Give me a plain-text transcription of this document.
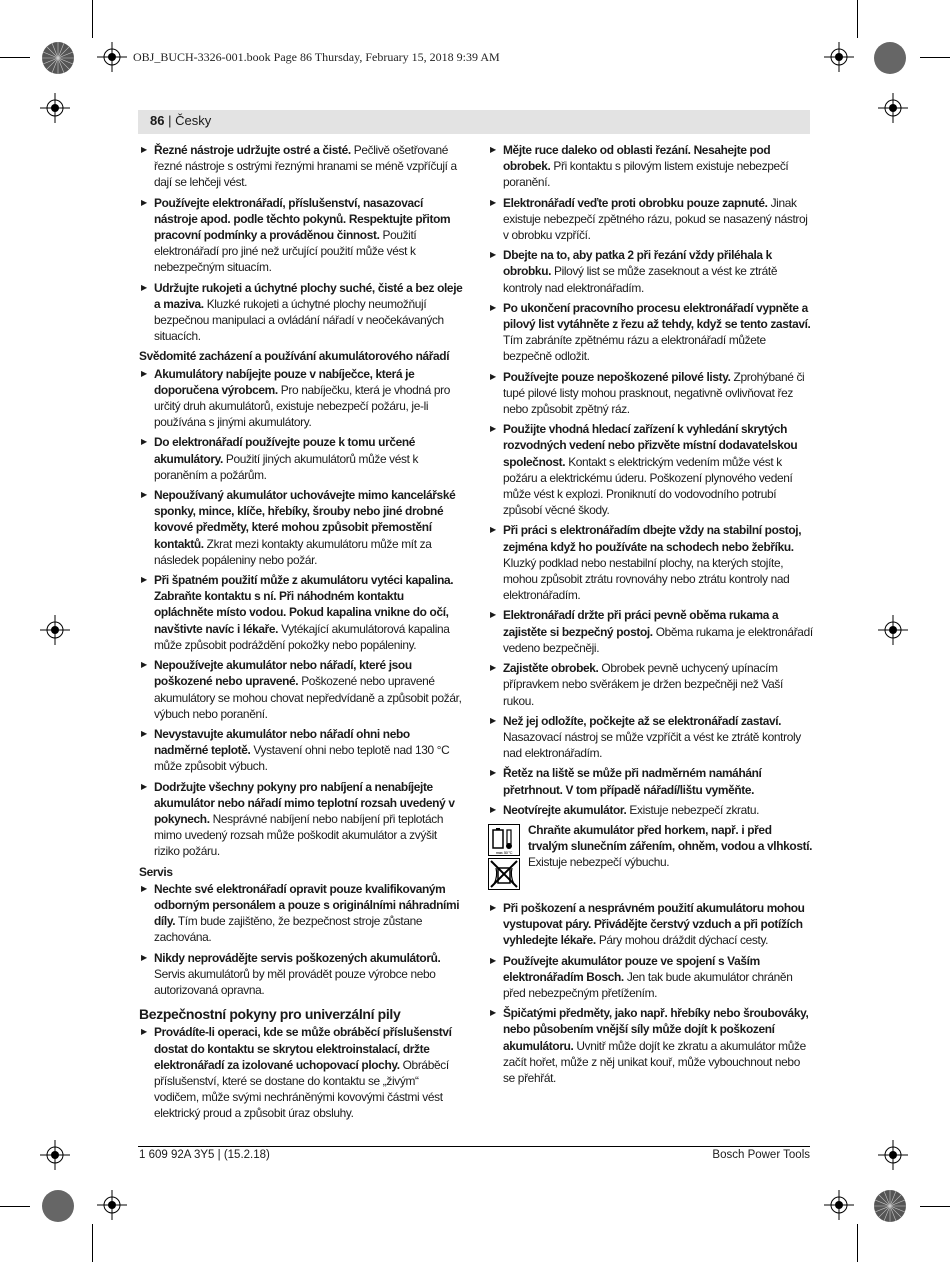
OBJ_BUCH-3326-001.book Page 86 Thursday, February 15, 2018 9:39 AM
86 | Česky
▶ Řezné nástroje udržujte ostré a čisté. Pečlivě ošetřované řezné nástroje s ostrými řeznými hranami se méně vzpříčují a dají se lehčeji vést.
▶ Používejte elektronářadí, příslušenství, nasazovací nástroje apod. podle těchto pokynů. Respektujte přitom pracovní podmínky a prováděnou činnost. Použití elektronářadí pro jiné než určující použití může vést k nebezpečným situacím.
▶ Udržujte rukojeti a úchytné plochy suché, čisté a bez oleje a maziva. Kluzké rukojeti a úchytné plochy neumožňují bezpečnou manipulaci a ovládání nářadí v neočekávaných situacích.
Svědomité zacházení a používání akumulátorového nářadí
▶ Akumulátory nabíjejte pouze v nabíječce, která je doporučena výrobcem. Pro nabíječku, která je vhodná pro určitý druh akumulátorů, existuje nebezpečí požáru, je-li používána s jinými akumulátory.
▶ Do elektronářadí používejte pouze k tomu určené akumulátory. Použití jiných akumulátorů může vést k poranĕním a požárům.
▶ Nepoužívaný akumulátor uchovávejte mimo kancelářské sponky, mince, klíče, hřebíky, šrouby nebo jiné drobné kovové předměty, které mohou způsobit přemostění kontaktů. Zkrat mezi kontakty akumulátoru může mít za následek popáleniny nebo požár.
▶ Při špatném použití může z akumulátoru vytéci kapalina. Zabraňte kontaktu s ní. Při náhodném kontaktu opláchněte místo vodou. Pokud kapalina vnikne do očí, navštivte navíc i lékaře. Vytékající akumulátorová kapalina může způsobit podráždění pokožky nebo popáleniny.
▶ Nepoužívejte akumulátor nebo nářadí, které jsou poškozené nebo upravené. Poškozené nebo upravené akumulátory se mohou chovat nepředvídaně a způsobit požár, výbuch nebo poranění.
▶ Nevystavujte akumulátor nebo nářadí ohni nebo nadměrné teplotě. Vystavení ohni nebo teplotě nad 130 °C může způsobit výbuch.
▶ Dodržujte všechny pokyny pro nabíjení a nenabíjejte akumulátor nebo nářadí mimo teplotní rozsah uvedený v pokynech. Nesprávné nabíjení nebo nabíjení při teplotách mimo uvedený rozsah může poškodit akumulátor a zvýšit riziko požáru.
Servis
▶ Nechte své elektronářadí opravit pouze kvalifikovaným odborným personálem a pouze s originálními náhradními díly. Tím bude zajištěno, že bezpečnost stroje zůstane zachována.
▶ Nikdy neprovádějte servis poškozených akumulátorů. Servis akumulátorů by měl provádět pouze výrobce nebo autorizovaná opravna.
Bezpečnostní pokyny pro univerzální pily
▶ Provádíte-li operaci, kde se může obráběcí příslušenství dostat do kontaktu se skrytou elektroinstalací, držte elektronářadí za izolované uchopovací plochy. Obráběcí příslušenství, které se dostane do kontaktu se „živým“ vodičem, může svými nechráněnými kovovými částmi vést elektrický proud a způsobit úraz obsluhy.
▶ Mějte ruce daleko od oblasti řezání. Nesahejte pod obrobek. Při kontaktu s pilovým listem existuje nebezpečí poranění.
▶ Elektronářadí veďte proti obrobku pouze zapnuté. Jinak existuje nebezpečí zpětného rázu, pokud se nasazený nástroj v obrobku vzpříčí.
▶ Dbejte na to, aby patka 2 při řezání vždy přiléhala k obrobku. Pilový list se může zaseknout a vést ke ztrátě kontroly nad elektronářadím.
▶ Po ukončení pracovního procesu elektronářadí vypněte a pilový list vytáhněte z řezu až tehdy, když se tento zastaví. Tím zabráníte zpětnému rázu a elektronářadí můžete bezpečně odložit.
▶ Používejte pouze nepoškozené pilové listy. Zprohýbané či tupé pilové listy mohou prasknout, negativně ovlivňovat řez nebo způsobit zpětný ráz.
▶ Použijte vhodná hledací zařízení k vyhledání skrytých rozvodných vedení nebo přizvěte místní dodavatelskou společnost. Kontakt s elektrickým vedením může vést k požáru a elektrickému úderu. Poškození plynového vedení může vést k explozi. Proniknutí do vodovodního potrubí způsobí věcné škody.
▶ Při práci s elektronářadím dbejte vždy na stabilní postoj, zejména když ho používáte na schodech nebo žebříku. Kluzký podklad nebo nestabilní plochy, na kterých stojíte, mohou způsobit ztrátu rovnováhy nebo ztrátu kontroly nad elektronářadím.
▶ Elektronářadí držte při práci pevně oběma rukama a zajistěte si bezpečný postoj. Oběma rukama je elektronářadí vedeno bezpečněji.
▶ Zajistěte obrobek. Obrobek pevně uchycený upínacím přípravkem nebo svěrákem je držen bezpečněji než Vaší rukou.
▶ Než jej odložíte, počkejte až se elektronářadí zastaví. Nasazovací nástroj se může vzpříčit a vést ke ztrátě kontroly nad elektronářadím.
▶ Řetěz na liště se může při nadměrném namáhání přetrhnout. V tom případě nářadí/lištu vyměňte.
▶ Neotvírejte akumulátor. Existuje nebezpečí zkratu.
max. 50 °C
Chraňte akumulátor před horkem, např. i před trvalým slunečním zářením, ohněm, vodou a vlhkostí. Existuje nebezpečí výbuchu.
▶ Při poškození a nesprávném použití akumulátoru mohou vystupovat páry. Přivádějte čerstvý vzduch a při potížích vyhledejte lékaře. Páry mohou dráždit dýchací cesty.
▶ Používejte akumulátor pouze ve spojení s Vaším elektronářadím Bosch. Jen tak bude akumulátor chráněn před nebezpečným přetížením.
▶ Špičatými předměty, jako např. hřebíky nebo šroubováky, nebo působením vnější síly může dojít k poškození akumulátoru. Uvnitř může dojít ke zkratu a akumulátor může začít hořet, může z něj unikat kouř, může vybouchnout nebo se přehřát.
1 609 92A 3Y5 | (15.2.18)	Bosch Power Tools
